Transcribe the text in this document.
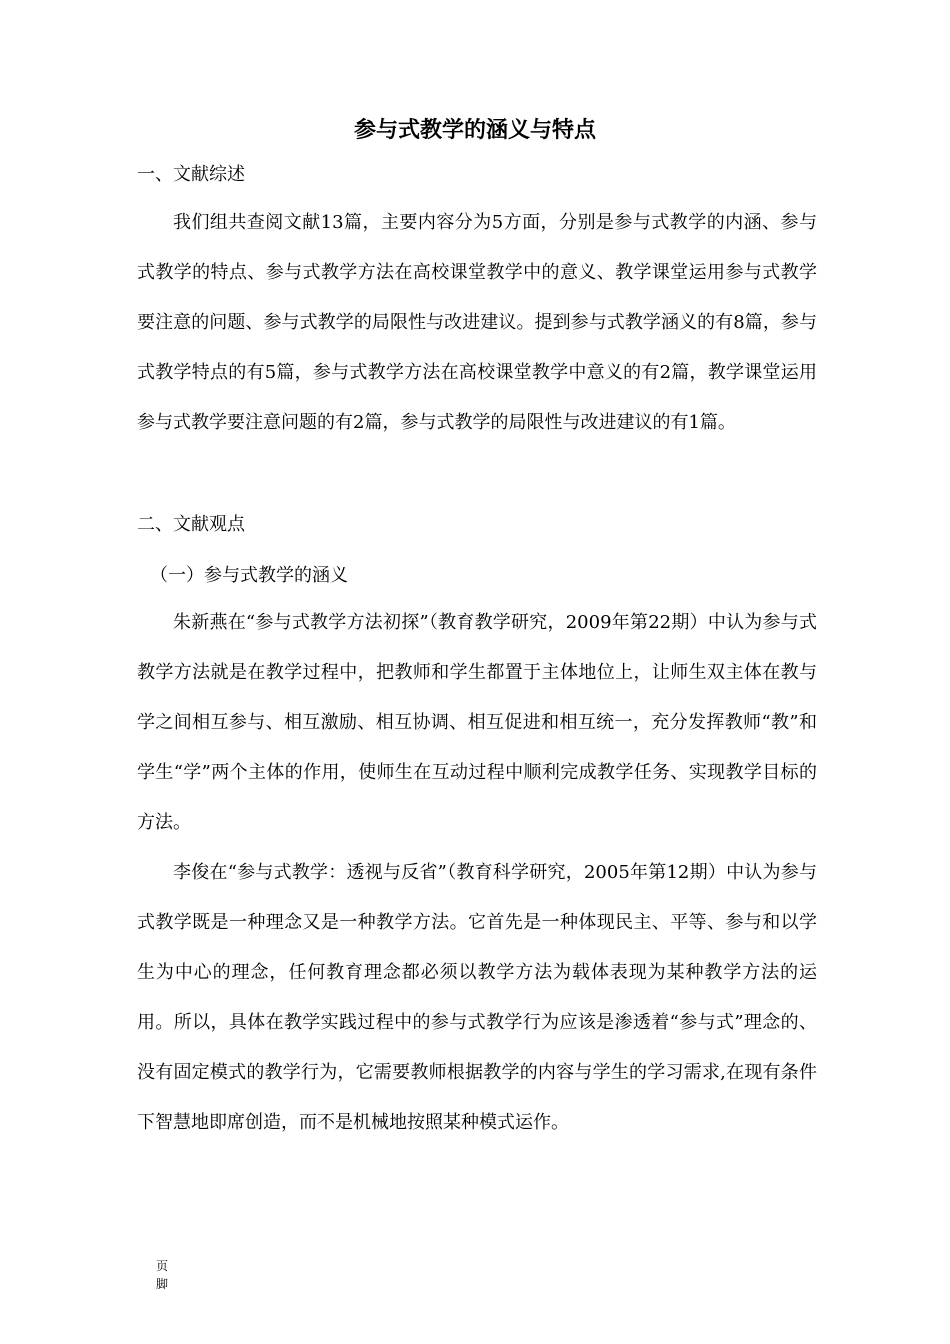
参与式教学的涵义与特点

一、文献综述

我们组共查阅文献13篇，主要内容分为5方面，分别是参与式教学的内涵、参与式教学的特点、参与式教学方法在高校课堂教学中的意义、教学课堂运用参与式教学要注意的问题、参与式教学的局限性与改进建议。提到参与式教学涵义的有8篇，参与式教学特点的有5篇，参与式教学方法在高校课堂教学中意义的有2篇，教学课堂运用参与式教学要注意问题的有2篇，参与式教学的局限性与改进建议的有1篇。

二、文献观点

（一）参与式教学的涵义

朱新燕在“参与式教学方法初探”（教育教学研究，2009年第22期）中认为参与式教学方法就是在教学过程中，把教师和学生都置于主体地位上，让师生双主体在教与学之间相互参与、相互激励、相互协调、相互促进和相互统一，充分发挥教师“教”和学生“学”两个主体的作用，使师生在互动过程中顺利完成教学任务、实现教学目标的方法。

李俊在“参与式教学：透视与反省”（教育科学研究，2005年第12期）中认为参与式教学既是一种理念又是一种教学方法。它首先是一种体现民主、平等、参与和以学生为中心的理念，任何教育理念都必须以教学方法为载体表现为某种教学方法的运用。所以，具体在教学实践过程中的参与式教学行为应该是渗透着“参与式”理念的、没有固定模式的教学行为，它需要教师根据教学的内容与学生的学习需求,在现有条件下智慧地即席创造，而不是机械地按照某种模式运作。

页脚
